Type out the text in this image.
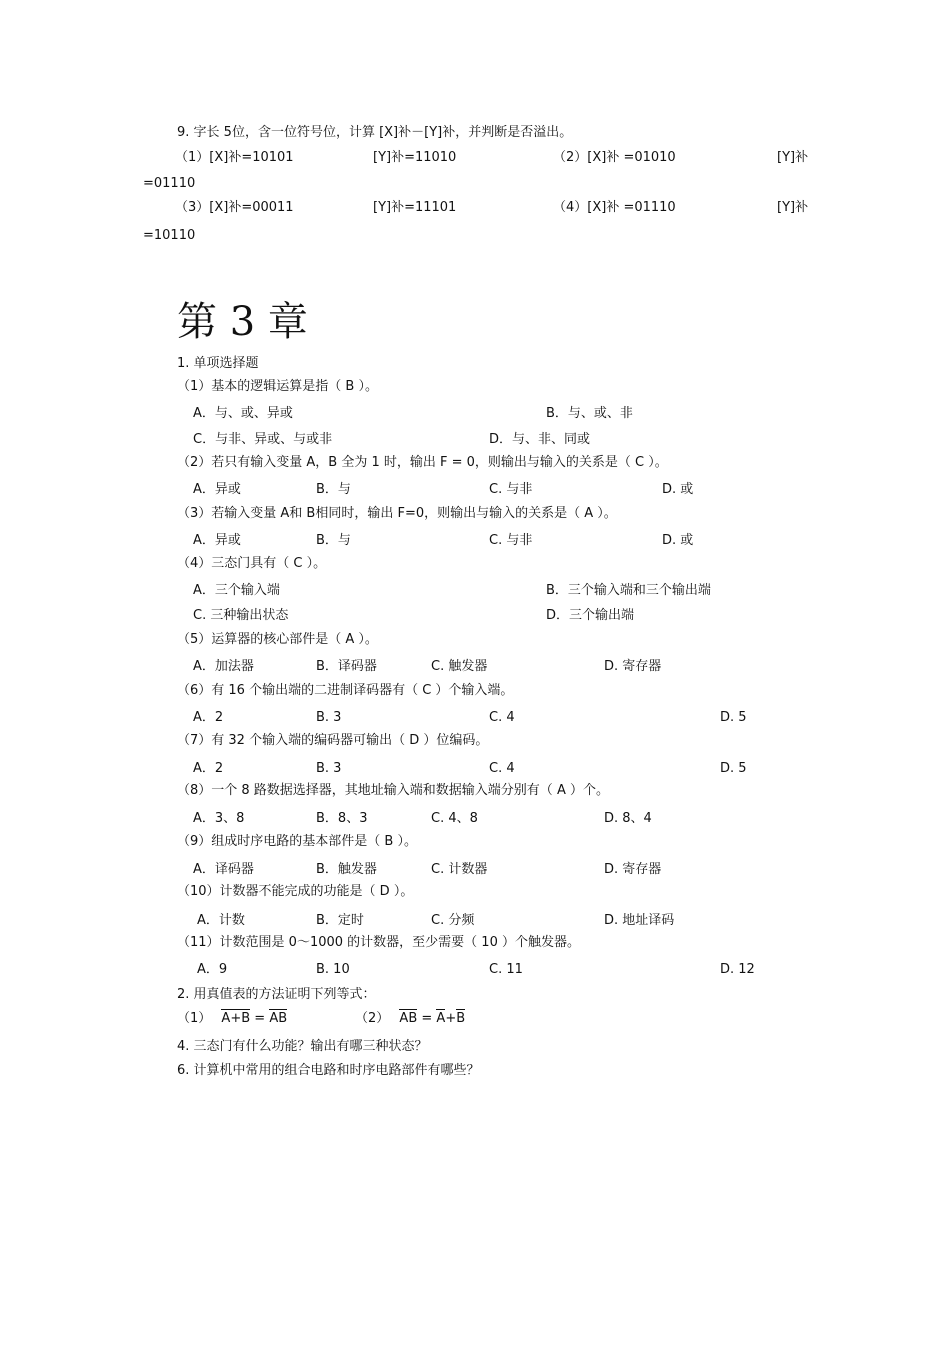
9. 字长 5位，含一位符号位，计算 [X]补－[Y]补，并判断是否溢出。
（1）[X]补=10101	[Y]补=11010	（2）[X]补 =01010	[Y]补
=01110
（3）[X]补=00011	[Y]补=11101	（4）[X]补 =01110	[Y]补
=10110
第 3 章
1. 单项选择题
（1）基本的逻辑运算是指（ B ）。
A．与、或、异或	B．与、或、非
C．与非、异或、与或非	D．与、非、同或
（2）若只有输入变量 A，B 全为 1 时，输出 F = 0，则输出与输入的关系是（ C ）。
A．异或	B．与	C. 与非	D. 或
（3）若输入变量 A和 B相同时，输出 F=0，则输出与输入的关系是（ A ）。
A．异或	B．与	C. 与非	D. 或
（4）三态门具有（ C ）。
A．三个输入端	B．三个输入端和三个输出端
C. 三种输出状态	D．三个输出端
（5）运算器的核心部件是（ A ）。
A．加法器	B．译码器	C. 触发器	D. 寄存器
（6）有 16 个输出端的二进制译码器有（ C ）个输入端。
A．2	B. 3	C. 4	D. 5
（7）有 32 个输入端的编码器可输出（ D ）位编码。
A．2	B. 3	C. 4	D. 5
（8）一个 8 路数据选择器，其地址输入端和数据输入端分别有（ A ）个。
A．3、8	B．8、3	C. 4、8	D. 8、4
（9）组成时序电路的基本部件是（ B ）。
A．译码器	B．触发器	C. 计数器	D. 寄存器
（10）计数器不能完成的功能是（ D ）。
A．计数	B．定时	C. 分频	D. 地址译码
（11）计数范围是 0～1000 的计数器，至少需要（ 10 ）个触发器。
A．9	B. 10	C. 11	D. 12
2. 用真值表的方法证明下列等式：
（1） A+B = AB	（2） AB = A+B
4. 三态门有什么功能？输出有哪三种状态？
6. 计算机中常用的组合电路和时序电路部件有哪些？
